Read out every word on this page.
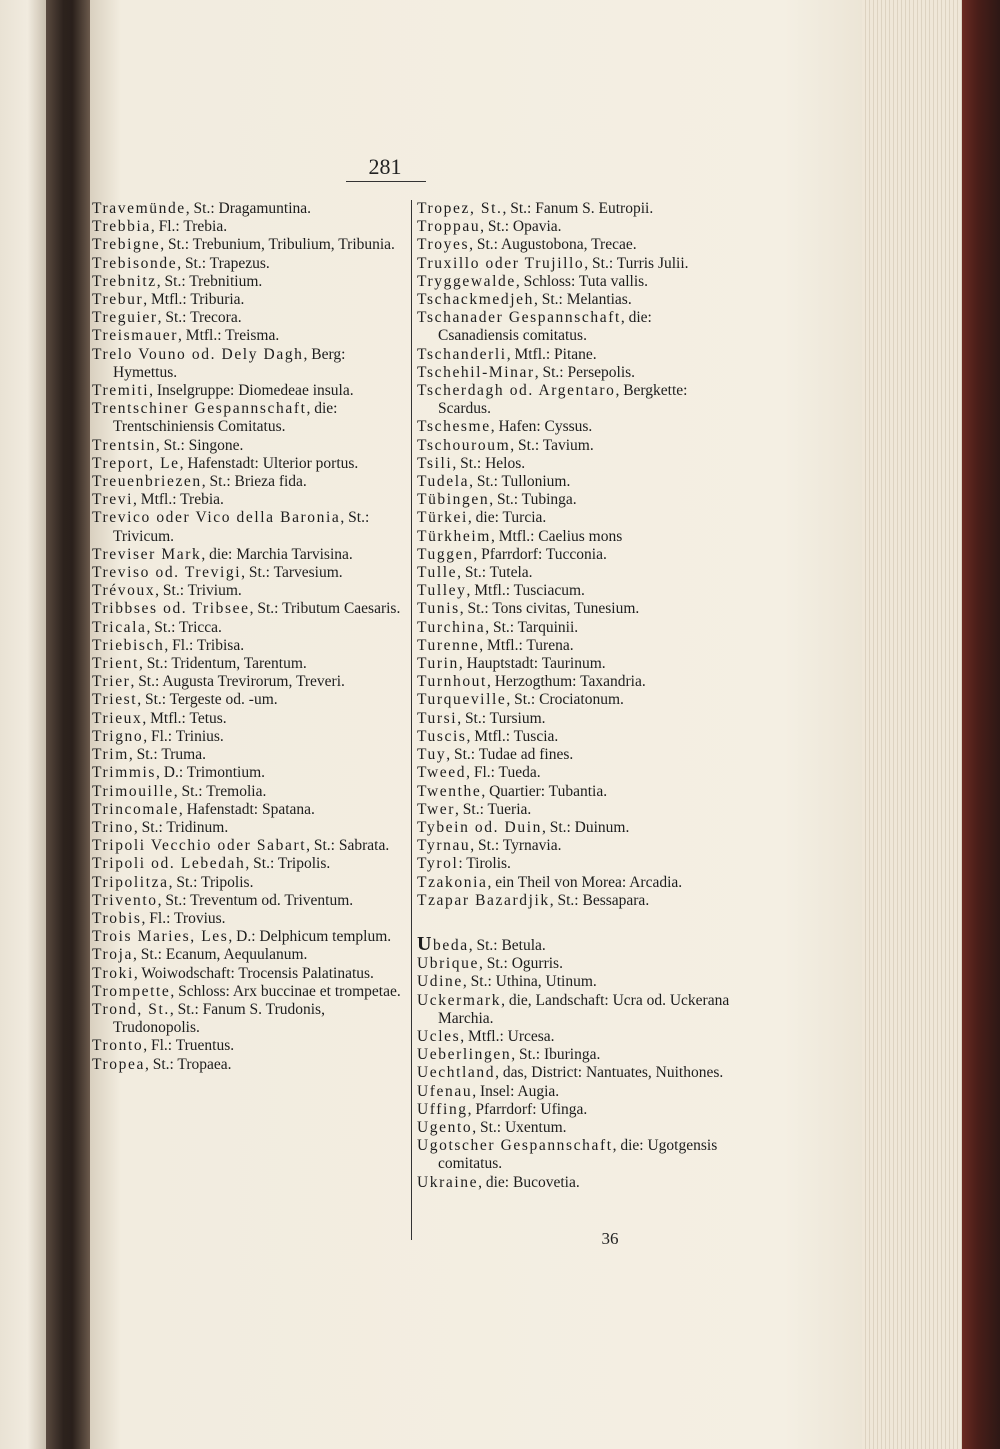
281

Travemünde, St.: Dragamuntina.

Trebbia, Fl.: Trebia.

Trebigne, St.: Trebunium, Tribulium, Tribunia.

Trebisonde, St.: Trapezus.

Trebnitz, St.: Trebnitium.

Trebur, Mtfl.: Triburia.

Treguier, St.: Trecora.

Treismauer, Mtfl.: Treisma.

Trelo Vouno od. Dely Dagh, Berg: Hymettus.

Tremiti, Inselgruppe: Diomedeae insula.

Trentschiner Gespannschaft, die: Trentschiniensis Comitatus.

Trentsin, St.: Singone.

Treport, Le, Hafenstadt: Ulterior portus.

Treuenbriezen, St.: Brieza fida.

Trevi, Mtfl.: Trebia.

Trevico oder Vico della Baronia, St.: Trivicum.

Treviser Mark, die: Marchia Tarvisina.

Treviso od. Trevigi, St.: Tarvesium.

Trévoux, St.: Trivium.

Tribbses od. Tribsee, St.: Tributum Caesaris.

Tricala, St.: Tricca.

Triebisch, Fl.: Tribisa.

Trient, St.: Tridentum, Tarentum.

Trier, St.: Augusta Trevirorum, Treveri.

Triest, St.: Tergeste od. -um.

Trieux, Mtfl.: Tetus.

Trigno, Fl.: Trinius.

Trim, St.: Truma.

Trimmis, D.: Trimontium.

Trimouille, St.: Tremolia.

Trincomale, Hafenstadt: Spatana.

Trino, St.: Tridinum.

Tripoli Vecchio oder Sabart, St.: Sabrata.

Tripoli od. Lebedah, St.: Tripolis.

Tripolitza, St.: Tripolis.

Trivento, St.: Treventum od. Triventum.

Trobis, Fl.: Trovius.

Trois Maries, Les, D.: Delphicum templum.

Troja, St.: Ecanum, Aequulanum.

Troki, Woiwodschaft: Trocensis Palatinatus.

Trompette, Schloss: Arx buccinae et trompetae.

Trond, St., St.: Fanum S. Trudonis, Trudonopolis.

Tronto, Fl.: Truentus.

Tropea, St.: Tropaea.

Tropez, St., St.: Fanum S. Eutropii.

Troppau, St.: Opavia.

Troyes, St.: Augustobona, Trecae.

Truxillo oder Trujillo, St.: Turris Julii.

Tryggewalde, Schloss: Tuta vallis.

Tschackmedjeh, St.: Melantias.

Tschanader Gespannschaft, die: Csanadiensis comitatus.

Tschanderli, Mtfl.: Pitane.

Tschehil-Minar, St.: Persepolis.

Tscherdagh od. Argentaro, Bergkette: Scardus.

Tschesme, Hafen: Cyssus.

Tschouroum, St.: Tavium.

Tsili, St.: Helos.

Tudela, St.: Tullonium.

Tübingen, St.: Tubinga.

Türkei, die: Turcia.

Türkheim, Mtfl.: Caelius mons

Tuggen, Pfarrdorf: Tucconia.

Tulle, St.: Tutela.

Tulley, Mtfl.: Tusciacum.

Tunis, St.: Tons civitas, Tunesium.

Turchina, St.: Tarquinii.

Turenne, Mtfl.: Turena.

Turin, Hauptstadt: Taurinum.

Turnhout, Herzogthum: Taxandria.

Turqueville, St.: Crociatonum.

Tursi, St.: Tursium.

Tuscis, Mtfl.: Tuscia.

Tuy, St.: Tudae ad fines.

Tweed, Fl.: Tueda.

Twenthe, Quartier: Tubantia.

Twer, St.: Tueria.

Tybein od. Duin, St.: Duinum.

Tyrnau, St.: Tyrnavia.

Tyrol: Tirolis.

Tzakonia, ein Theil von Morea: Arcadia.

Tzapar Bazardjik, St.: Bessapara.

Ubeda, St.: Betula.

Ubrique, St.: Ogurris.

Udine, St.: Uthina, Utinum.

Uckermark, die, Landschaft: Ucra od. Uckerana Marchia.

Ucles, Mtfl.: Urcesa.

Ueberlingen, St.: Iburinga.

Uechtland, das, District: Nantuates, Nuithones.

Ufenau, Insel: Augia.

Uffing, Pfarrdorf: Ufinga.

Ugento, St.: Uxentum.

Ugotscher Gespannschaft, die: Ugotgensis comitatus.

Ukraine, die: Bucovetia.

36
